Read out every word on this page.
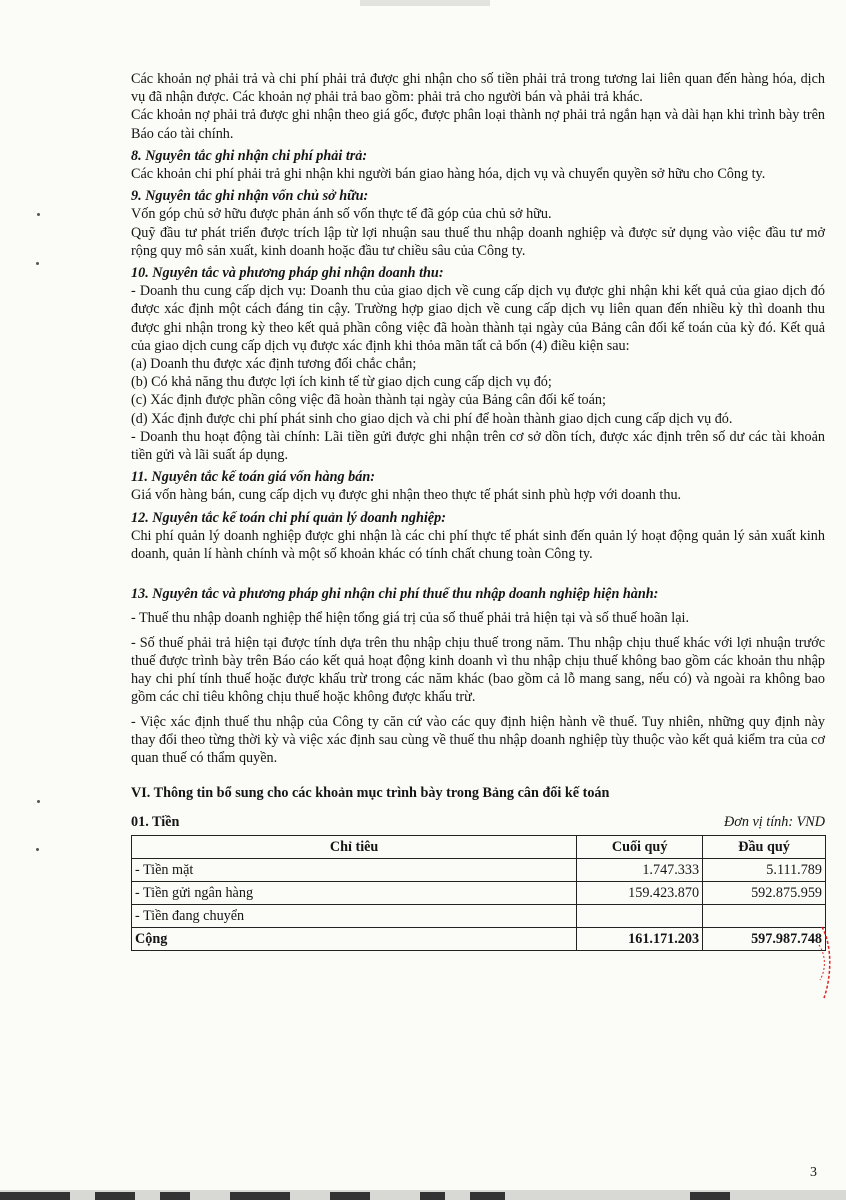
Các khoản nợ phải trả và chi phí phải trả được ghi nhận cho số tiền phải trả trong tương lai liên quan đến hàng hóa, dịch vụ đã nhận được. Các khoản nợ phải trả bao gồm: phải trả cho người bán và phải trả khác.

Các khoản nợ phải trả được ghi nhận theo giá gốc, được phân loại thành nợ phải trả ngắn hạn và dài hạn khi trình bày trên Báo cáo tài chính.

8. Nguyên tắc ghi nhận chi phí phải trả:

Các khoản chi phí phải trả ghi nhận khi người bán giao hàng hóa, dịch vụ và chuyển quyền sở hữu cho Công ty.

9. Nguyên tắc ghi nhận vốn chủ sở hữu:

Vốn góp chủ sở hữu được phản ánh số vốn thực tế đã góp của chủ sở hữu.

Quỹ đầu tư phát triển được trích lập từ lợi nhuận sau thuế thu nhập doanh nghiệp và được sử dụng vào việc đầu tư mở rộng quy mô sản xuất, kinh doanh hoặc đầu tư chiều sâu của Công ty.

10. Nguyên tắc và phương pháp ghi nhận doanh thu:

- Doanh thu cung cấp dịch vụ: Doanh thu của giao dịch về cung cấp dịch vụ được ghi nhận khi kết quả của giao dịch đó được xác định một cách đáng tin cậy. Trường hợp giao dịch về cung cấp dịch vụ liên quan đến nhiều kỳ thì doanh thu được ghi nhận trong kỳ theo kết quả phần công việc đã hoàn thành tại ngày của Bảng cân đối kế toán của kỳ đó. Kết quả của giao dịch cung cấp dịch vụ được xác định khi thỏa mãn tất cả bốn (4) điều kiện sau:

(a) Doanh thu được xác định tương đối chắc chắn;

(b) Có khả năng thu được lợi ích kinh tế từ giao dịch cung cấp dịch vụ đó;

(c) Xác định được phần công việc đã hoàn thành tại ngày của Bảng cân đối kế toán;

(d) Xác định được chi phí phát sinh cho giao dịch và chi phí để hoàn thành giao dịch cung cấp dịch vụ đó.

- Doanh thu hoạt động tài chính: Lãi tiền gửi được ghi nhận trên cơ sở dồn tích, được xác định trên số dư các tài khoản tiền gửi và lãi suất áp dụng.

11. Nguyên tắc kế toán giá vốn hàng bán:

Giá vốn hàng bán, cung cấp dịch vụ được ghi nhận theo thực tế phát sinh phù hợp với doanh thu.

12. Nguyên tắc kế toán chi phí quản lý doanh nghiệp:

Chi phí quản lý doanh nghiệp được ghi nhận là các chi phí thực tế phát sinh đến quản lý hoạt động quản lý sản xuất kinh doanh, quản lí hành chính và một số khoản khác có tính chất chung toàn Công ty.

13. Nguyên tắc và phương pháp ghi nhận chi phí thuế thu nhập doanh nghiệp hiện hành:

- Thuế thu nhập doanh nghiệp thể hiện tổng giá trị của số thuế phải trả hiện tại và số thuế hoãn lại.

- Số thuế phải trả hiện tại được tính dựa trên thu nhập chịu thuế trong năm. Thu nhập chịu thuế khác với lợi nhuận trước thuế được trình bày trên Báo cáo kết quả hoạt động kinh doanh vì thu nhập chịu thuế không bao gồm các khoản thu nhập hay chi phí tính thuế hoặc được khấu trừ trong các năm khác (bao gồm cả lỗ mang sang, nếu có) và ngoài ra không bao gồm các chỉ tiêu không chịu thuế hoặc không được khấu trừ.

- Việc xác định thuế thu nhập của Công ty căn cứ vào các quy định hiện hành về thuế. Tuy nhiên, những quy định này thay đổi theo từng thời kỳ và việc xác định sau cùng về thuế thu nhập doanh nghiệp tùy thuộc vào kết quả kiểm tra của cơ quan thuế có thẩm quyền.

VI. Thông tin bổ sung cho các khoản mục trình bày trong Bảng cân đối kế toán
01. Tiền	Đơn vị tính: VND
Chỉ tiêu	Cuối quý	Đầu quý
- Tiền mặt	1.747.333	5.111.789
- Tiền gửi ngân hàng	159.423.870	592.875.959
- Tiền đang chuyển		
Cộng	161.171.203	597.987.748
3
